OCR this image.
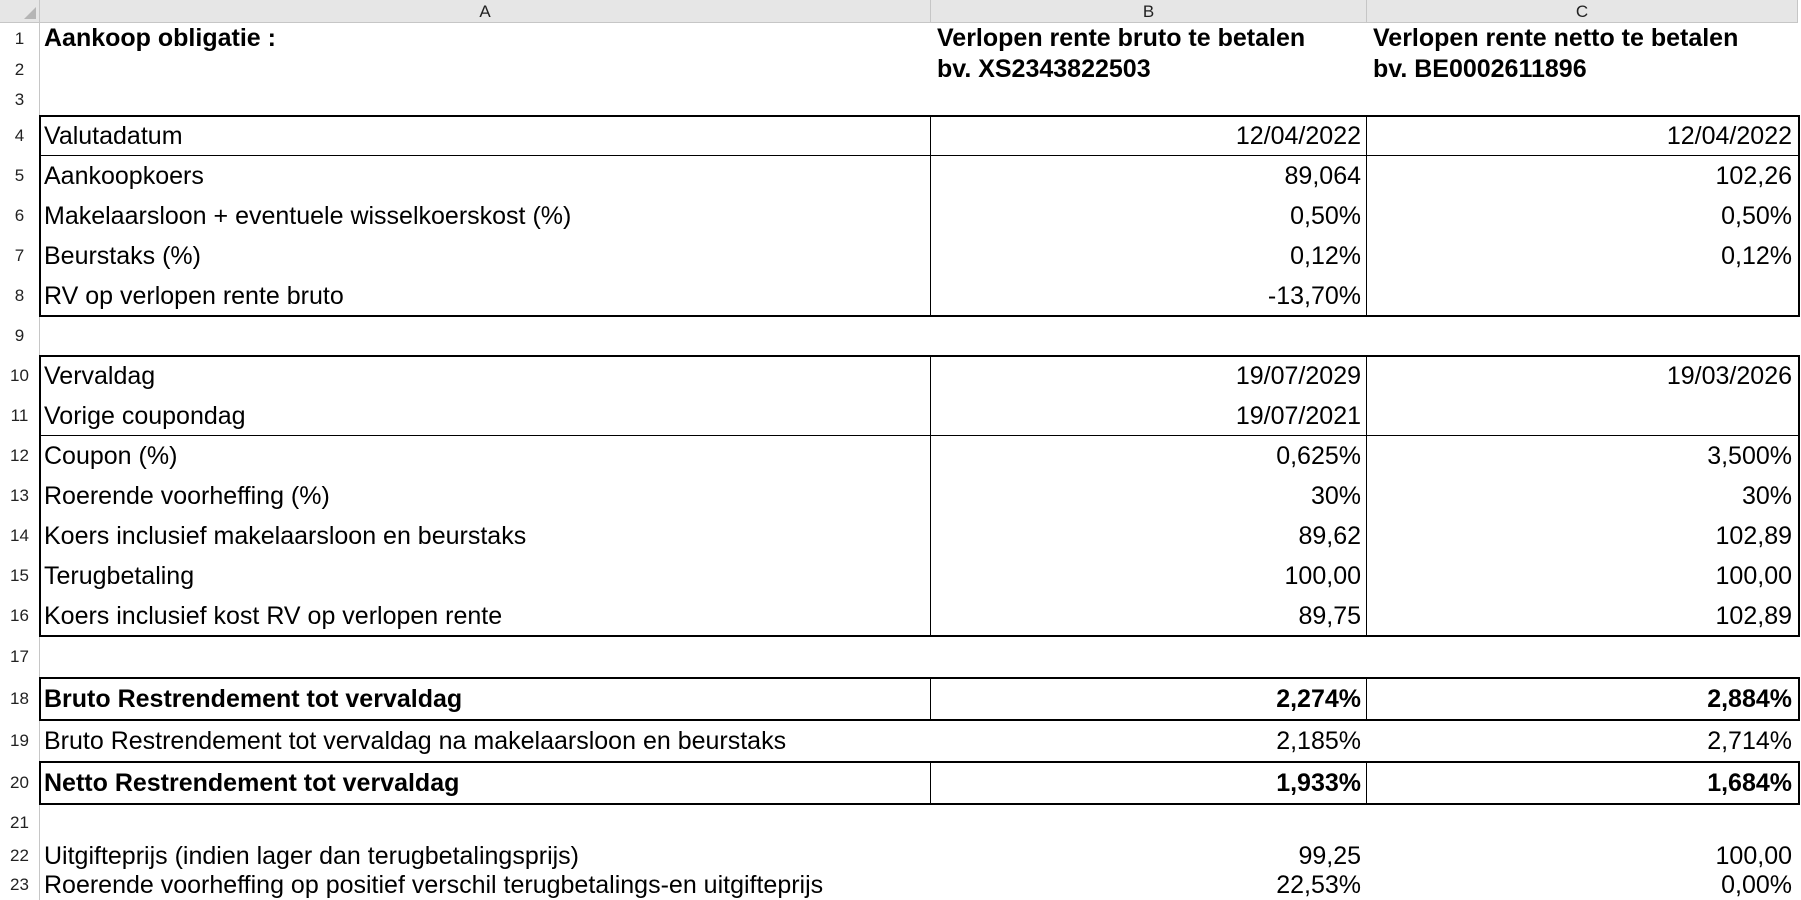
A	B	C
1 Aankoop obligatie :	Verlopen rente bruto te betalen	Verlopen rente netto te betalen
2	bv. XS2343822503	bv. BE0002611896
3
4 Valutadatum	12/04/2022	12/04/2022
5 Aankoopkoers	89,064	102,26
6 Makelaarsloon + eventuele wisselkoerskost (%)	0,50%	0,50%
7 Beurstaks (%)	0,12%	0,12%
8 RV op verlopen rente bruto	-13,70%
9
10 Vervaldag	19/07/2029	19/03/2026
11 Vorige coupondag	19/07/2021
12 Coupon (%)	0,625%	3,500%
13 Roerende voorheffing (%)	30%	30%
14 Koers inclusief makelaarsloon en beurstaks	89,62	102,89
15 Terugbetaling	100,00	100,00
16 Koers inclusief kost RV op verlopen rente	89,75	102,89
17
18 Bruto Restrendement tot vervaldag	2,274%	2,884%
19 Bruto Restrendement tot vervaldag na makelaarsloon en beurstaks	2,185%	2,714%
20 Netto Restrendement tot vervaldag	1,933%	1,684%
21
22 Uitgifteprijs (indien lager dan terugbetalingsprijs)	99,25	100,00
23 Roerende voorheffing op positief verschil terugbetalings-en uitgifteprijs	22,53%	0,00%
